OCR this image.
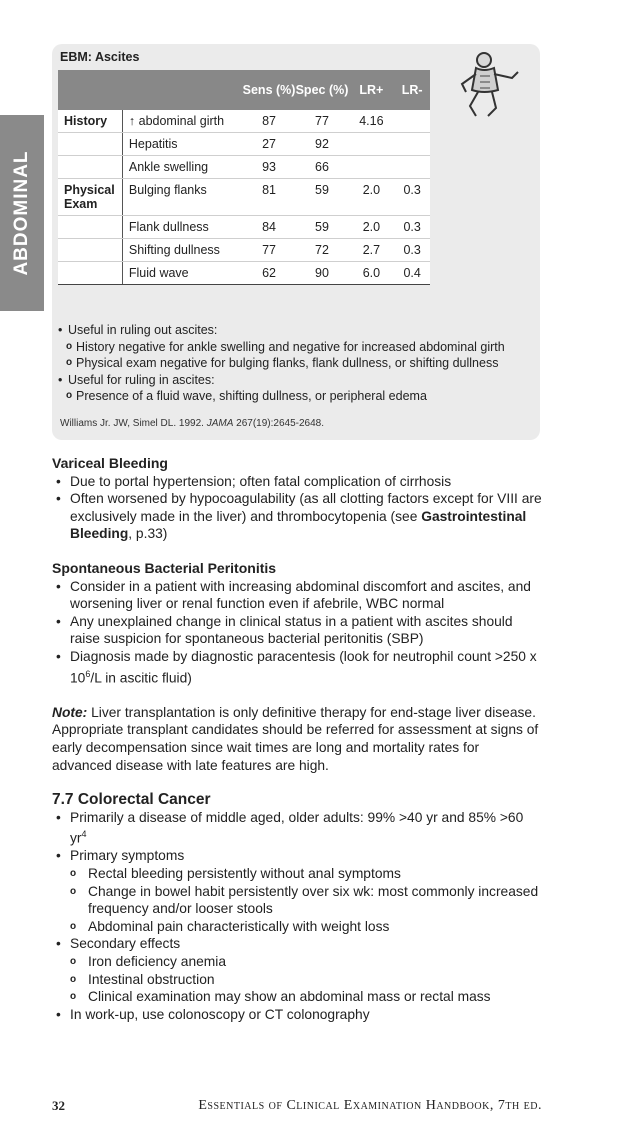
ABDOMINAL
EBM: Ascites
		Sens (%)	Spec (%)	LR+	LR-
History	↑ abdominal girth	87	77	4.16	
	Hepatitis	27	92		
	Ankle swelling	93	66		
Physical Exam	Bulging flanks	81	59	2.0	0.3
	Flank dullness	84	59	2.0	0.3
	Shifting dullness	77	72	2.7	0.3
	Fluid wave	62	90	6.0	0.4
• Useful in ruling out ascites:
o History negative for ankle swelling and negative for increased abdominal girth
o Physical exam negative for bulging flanks, flank dullness, or shifting dullness
• Useful for ruling in ascites:
o Presence of a fluid wave, shifting dullness, or peripheral edema
Williams Jr. JW, Simel DL. 1992. JAMA 267(19):2645-2648.
Variceal Bleeding
• Due to portal hypertension; often fatal complication of cirrhosis
• Often worsened by hypocoagulability (as all clotting factors except for VIII are exclusively made in the liver) and thrombocytopenia (see Gastrointestinal Bleeding, p.33)
Spontaneous Bacterial Peritonitis
• Consider in a patient with increasing abdominal discomfort and ascites, and worsening liver or renal function even if afebrile, WBC normal
• Any unexplained change in clinical status in a patient with ascites should raise suspicion for spontaneous bacterial peritonitis (SBP)
• Diagnosis made by diagnostic paracentesis (look for neutrophil count >250 x $10^6/L$ in ascitic fluid)

Note: Liver transplantation is only definitive therapy for end-stage liver disease. Appropriate transplant candidates should be referred for assessment at signs of early decompensation since wait times are long and mortality rates for advanced disease with late features are high.

7.7 Colorectal Cancer
• Primarily a disease of middle aged, older adults: 99% >40 yr and 85% >60 $yr^4$
• Primary symptoms
o Rectal bleeding persistently without anal symptoms
o Change in bowel habit persistently over six wk: most commonly increased frequency and/or looser stools
o Abdominal pain characteristically with weight loss
• Secondary effects
o Iron deficiency anemia
o Intestinal obstruction
o Clinical examination may show an abdominal mass or rectal mass
• In work-up, use colonoscopy or CT colonography
32	Essentials of Clinical Examination Handbook, 7th ed.
